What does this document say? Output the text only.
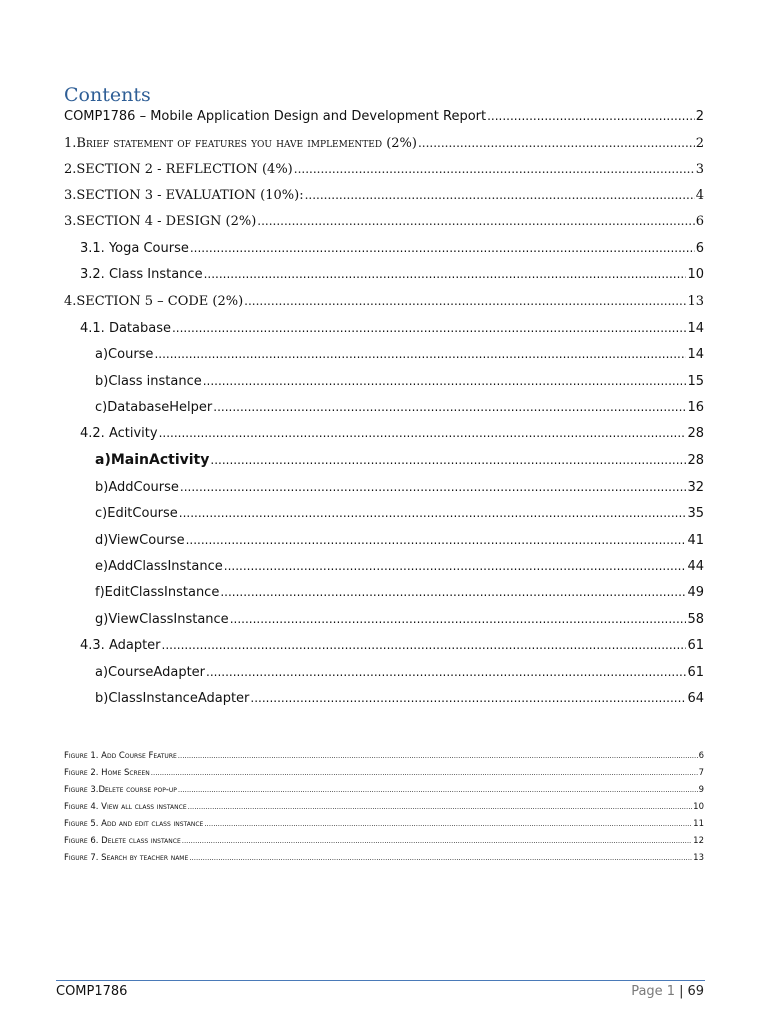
Contents
COMP1786 – Mobile Application Design and Development Report .....	2
1. Brief statement of features you have implemented (2%) .....	2
2. SECTION 2 - REFLECTION (4%) .....	3
3. SECTION 3 - EVALUATION (10%): .....	4
3. SECTION 4 - DESIGN (2%) .....	6
3.1. Yoga Course .....	6
3.2. Class Instance .....	10
4. SECTION 5 – CODE (2%) .....	13
4.1. Database .....	14
a) Course .....	14
b) Class instance .....	15
c) DatabaseHelper .....	16
4.2. Activity .....	28
a) MainActivity .....	28
b) AddCourse .....	32
c) EditCourse .....	35
d) ViewCourse .....	41
e) AddClassInstance .....	44
f) EditClassInstance .....	49
g) ViewClassInstance .....	58
4.3. Adapter .....	61
a) CourseAdapter .....	61
b) ClassInstanceAdapter .....	64
Figure 1. Add Course Feature .....	6
Figure 2. Home Screen .....	7
Figure 3.Delete course pop-up .....	9
Figure 4. View all class instance .....	10
Figure 5. Add and edit class instance .....	11
Figure 6. Delete class instance .....	12
Figure 7. Search by teacher name .....	13
COMP1786	Page 1 | 69
